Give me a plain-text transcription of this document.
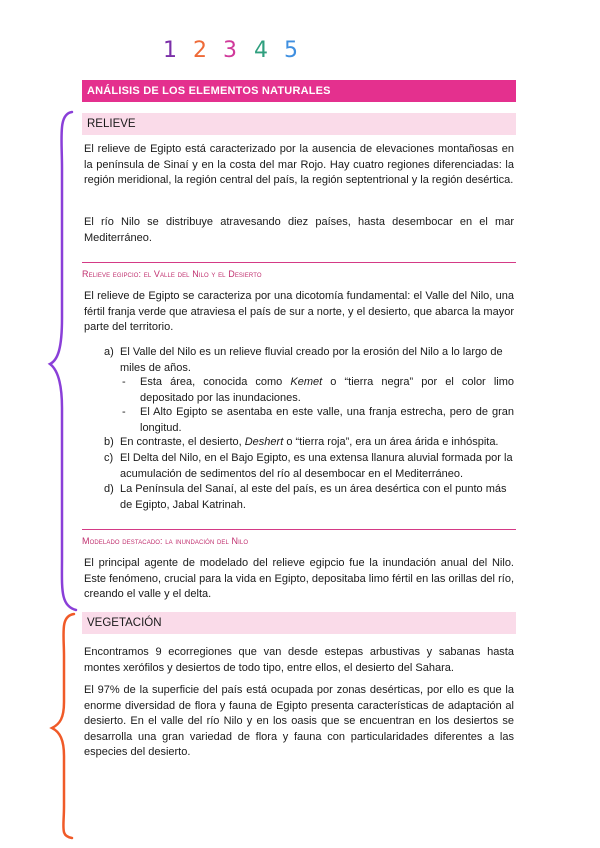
1 2 3 4 5
ANÁLISIS DE LOS ELEMENTOS NATURALES
RELIEVE

El relieve de Egipto está caracterizado por la ausencia de elevaciones montañosas en la península de Sinaí y en la costa del mar Rojo. Hay cuatro regiones diferenciadas: la región meridional, la región central del país, la región septentrional y la región desértica.

El río Nilo se distribuye atravesando diez países, hasta desembocar en el mar Mediterráneo.

Relieve egipcio: el Valle del Nilo y el Desierto

El relieve de Egipto se caracteriza por una dicotomía fundamental: el Valle del Nilo, una fértil franja verde que atraviesa el país de sur a norte, y el desierto, que abarca la mayor parte del territorio.

a) El Valle del Nilo es un relieve fluvial creado por la erosión del Nilo a lo largo de miles de años.
- Esta área, conocida como Kemet o “tierra negra” por el color limo depositado por las inundaciones.
- El Alto Egipto se asentaba en este valle, una franja estrecha, pero de gran longitud.
b) En contraste, el desierto, Deshert o “tierra roja”, era un área árida e inhóspita.
c) El Delta del Nilo, en el Bajo Egipto, es una extensa llanura aluvial formada por la acumulación de sedimentos del río al desembocar en el Mediterráneo.
d) La Península del Sanaí, al este del país, es un área desértica con el punto más de Egipto, Jabal Katrinah.
Modelado destacado: la inundación del Nilo

El principal agente de modelado del relieve egipcio fue la inundación anual del Nilo. Este fenómeno, crucial para la vida en Egipto, depositaba limo fértil en las orillas del río, creando el valle y el delta.

VEGETACIÓN

Encontramos 9 ecorregiones que van desde estepas arbustivas y sabanas hasta montes xerófilos y desiertos de todo tipo, entre ellos, el desierto del Sahara.

El 97% de la superficie del país está ocupada por zonas desérticas, por ello es que la enorme diversidad de flora y fauna de Egipto presenta características de adaptación al desierto. En el valle del río Nilo y en los oasis que se encuentran en los desiertos se desarrolla una gran variedad de flora y fauna con particularidades diferentes a las especies del desierto.
